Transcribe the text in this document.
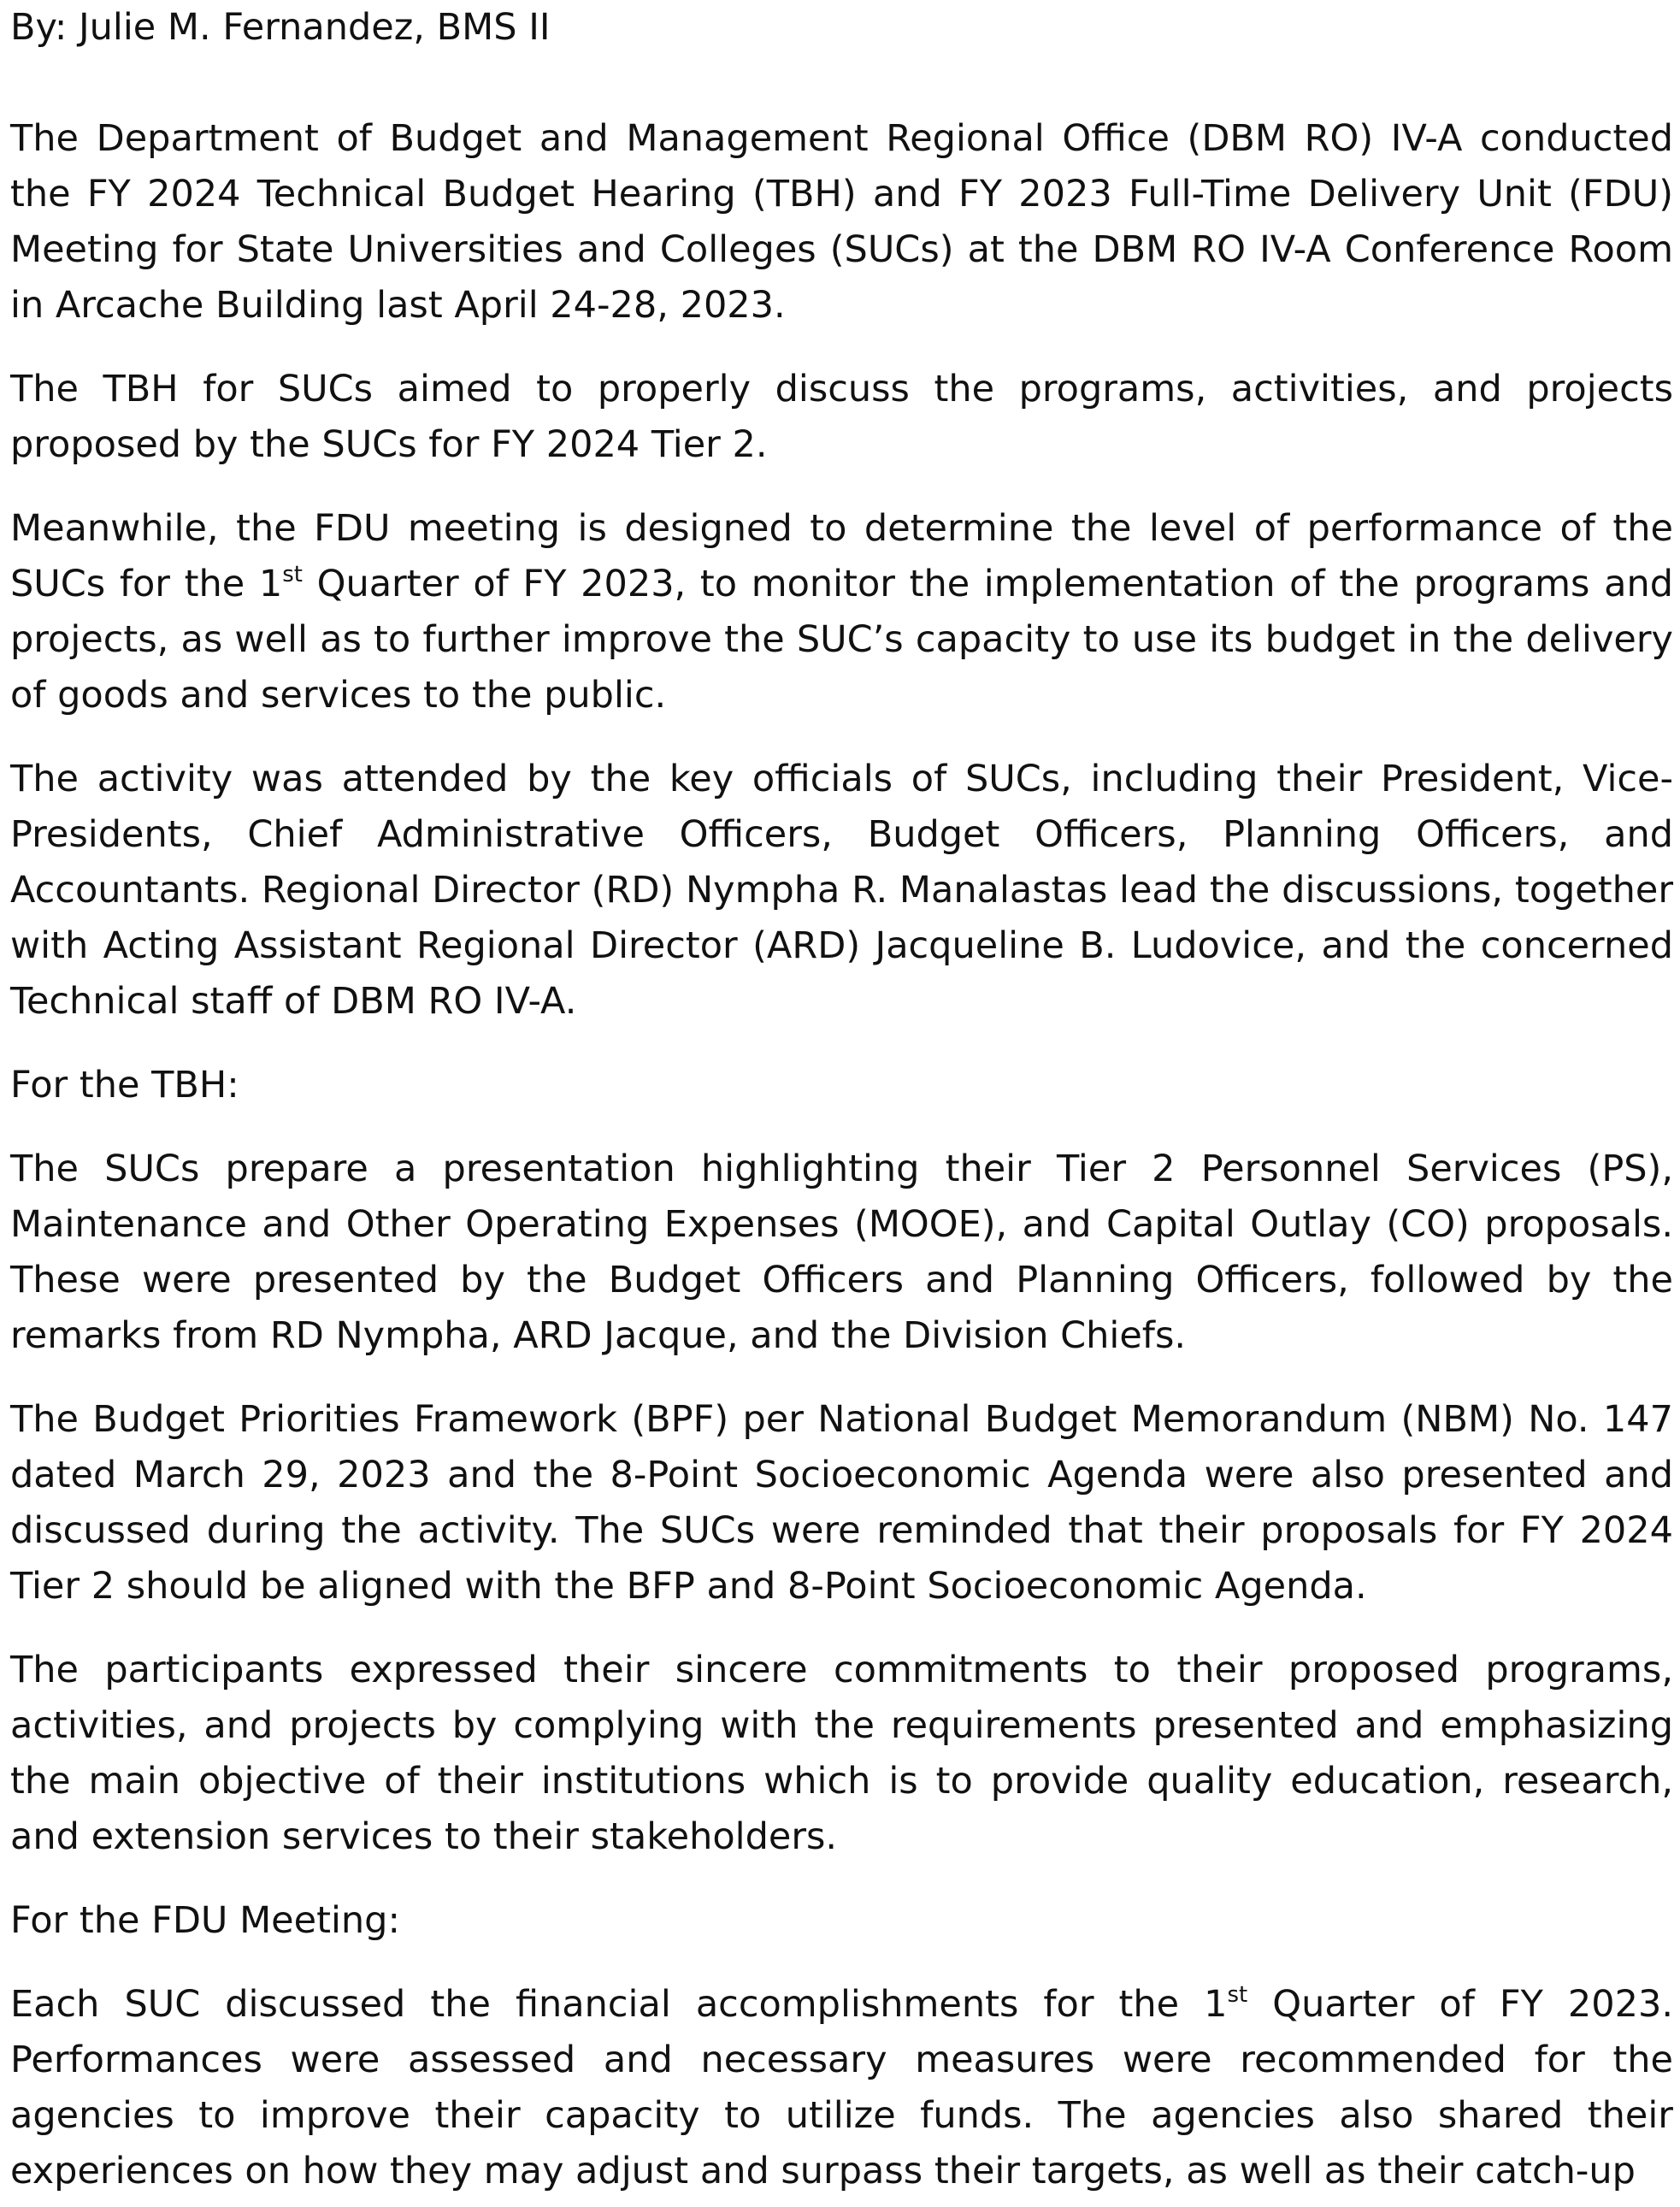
By: Julie M. Fernandez, BMS II

The Department of Budget and Management Regional Office (DBM RO) IV-A conducted the FY 2024 Technical Budget Hearing (TBH) and FY 2023 Full-Time Delivery Unit (FDU) Meeting for State Universities and Colleges (SUCs) at the DBM RO IV-A Conference Room in Arcache Building last April 24-28, 2023.

The TBH for SUCs aimed to properly discuss the programs, activities, and projects proposed by the SUCs for FY 2024 Tier 2.

Meanwhile, the FDU meeting is designed to determine the level of performance of the SUCs for the 1st Quarter of FY 2023, to monitor the implementation of the programs and projects, as well as to further improve the SUC’s capacity to use its budget in the delivery of goods and services to the public.

The activity was attended by the key officials of SUCs, including their President, Vice-Presidents, Chief Administrative Officers, Budget Officers, Planning Officers, and Accountants. Regional Director (RD) Nympha R. Manalastas lead the discussions, together with Acting Assistant Regional Director (ARD) Jacqueline B. Ludovice, and the concerned Technical staff of DBM RO IV-A.

For the TBH:

The SUCs prepare a presentation highlighting their Tier 2 Personnel Services (PS), Maintenance and Other Operating Expenses (MOOE), and Capital Outlay (CO) proposals. These were presented by the Budget Officers and Planning Officers, followed by the remarks from RD Nympha, ARD Jacque, and the Division Chiefs.

The Budget Priorities Framework (BPF) per National Budget Memorandum (NBM) No. 147 dated March 29, 2023 and the 8-Point Socioeconomic Agenda were also presented and discussed during the activity. The SUCs were reminded that their proposals for FY 2024 Tier 2 should be aligned with the BFP and 8-Point Socioeconomic Agenda.

The participants expressed their sincere commitments to their proposed programs, activities, and projects by complying with the requirements presented and emphasizing the main objective of their institutions which is to provide quality education, research, and extension services to their stakeholders.

For the FDU Meeting:

Each SUC discussed the financial accomplishments for the 1st Quarter of FY 2023. Performances were assessed and necessary measures were recommended for the agencies to improve their capacity to utilize funds. The agencies also shared their experiences on how they may adjust and surpass their targets, as well as their catch-up
